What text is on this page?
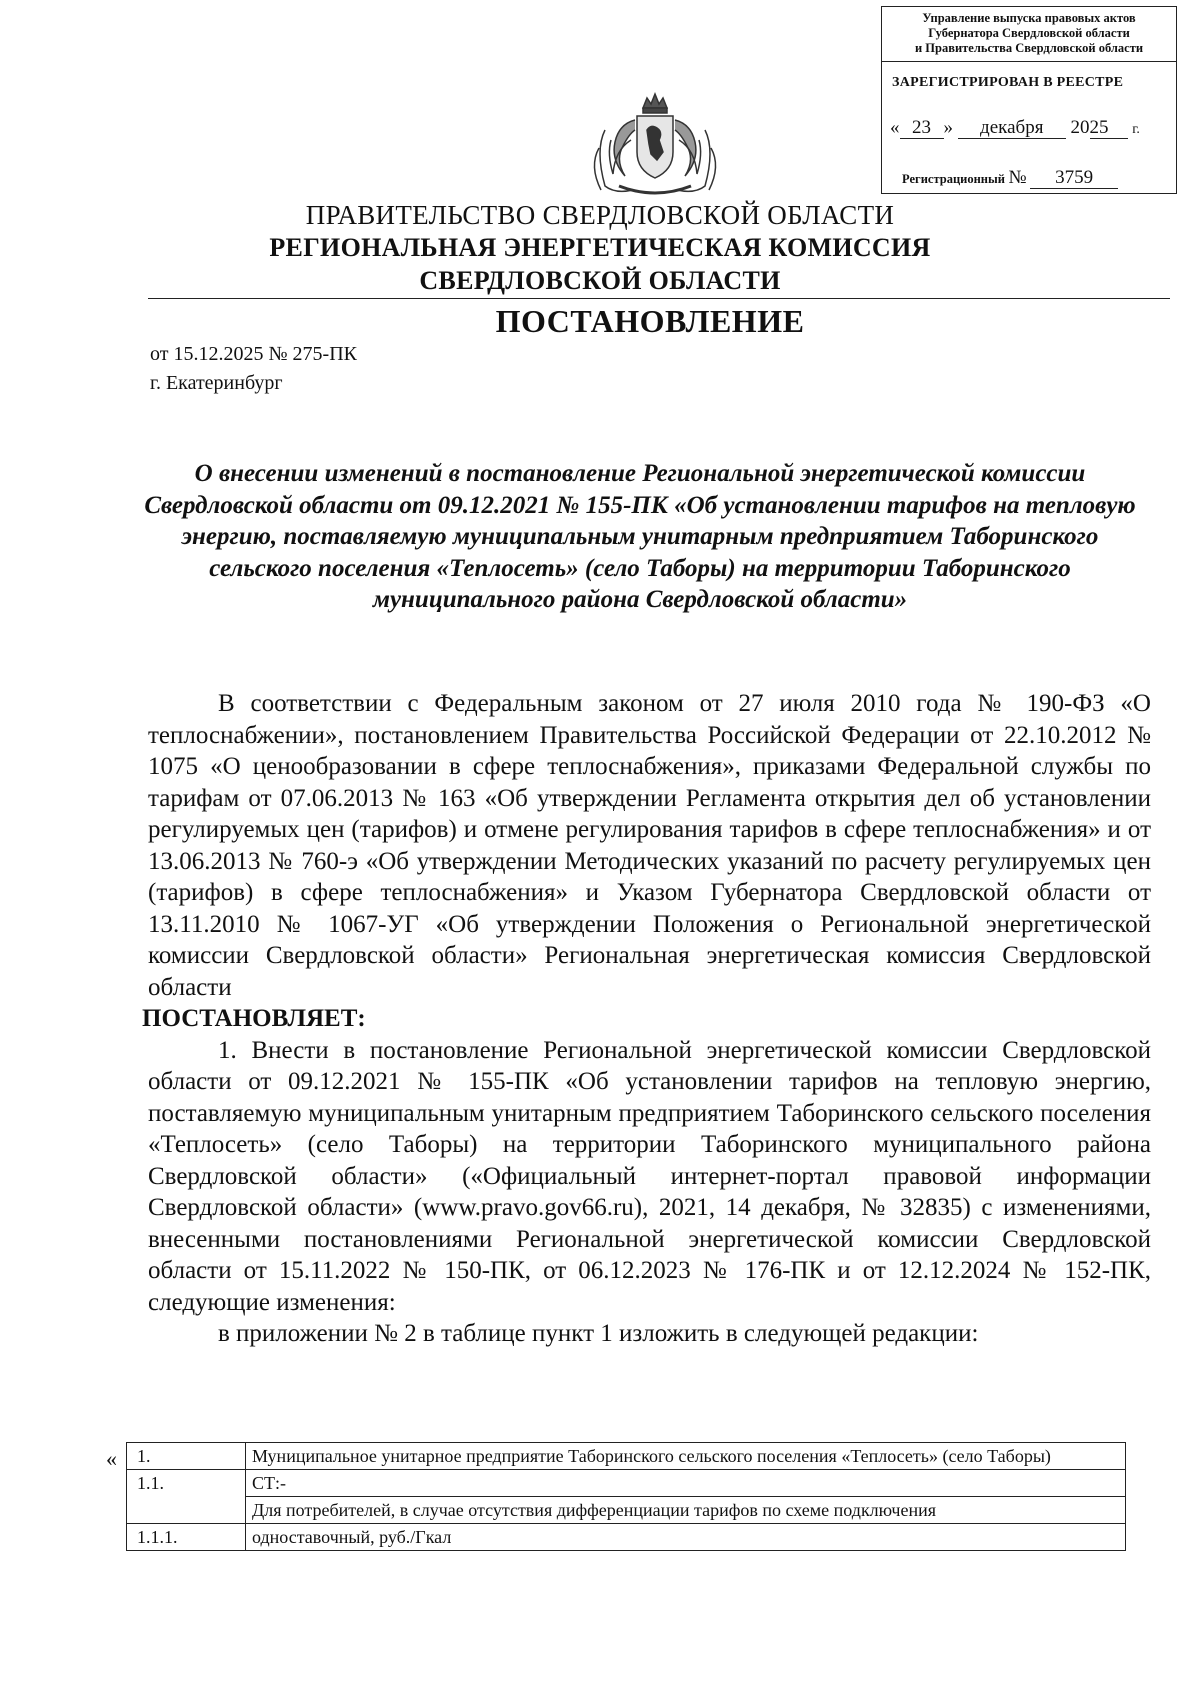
Управление выпуска правовых актов
Губернатора Свердловской области
и Правительства Свердловской области
ЗАРЕГИСТРИРОВАН В РЕЕСТРЕ
« 23 » декабря 2025 г.
Регистрационный № 3759
ПРАВИТЕЛЬСТВО СВЕРДЛОВСКОЙ ОБЛАСТИ
РЕГИОНАЛЬНАЯ ЭНЕРГЕТИЧЕСКАЯ КОМИССИЯ
СВЕРДЛОВСКОЙ ОБЛАСТИ
ПОСТАНОВЛЕНИЕ
от 15.12.2025 № 275-ПК
г. Екатеринбург
О внесении изменений в постановление Региональной энергетической комиссии Свердловской области от 09.12.2021 № 155-ПК «Об установлении тарифов на тепловую энергию, поставляемую муниципальным унитарным предприятием Таборинского сельского поселения «Теплосеть» (село Таборы) на территории Таборинского муниципального района Свердловской области»

В соответствии с Федеральным законом от 27 июля 2010 года № 190-ФЗ «О теплоснабжении», постановлением Правительства Российской Федерации от 22.10.2012 № 1075 «О ценообразовании в сфере теплоснабжения», приказами Федеральной службы по тарифам от 07.06.2013 № 163 «Об утверждении Регламента открытия дел об установлении регулируемых цен (тарифов) и отмене регулирования тарифов в сфере теплоснабжения» и от 13.06.2013 № 760-э «Об утверждении Методических указаний по расчету регулируемых цен (тарифов) в сфере теплоснабжения» и Указом Губернатора Свердловской области от 13.11.2010 № 1067-УГ «Об утверждении Положения о Региональной энергетической комиссии Свердловской области» Региональная энергетическая комиссия Свердловской области

ПОСТАНОВЛЯЕТ:

1. Внести в постановление Региональной энергетической комиссии Свердловской области от 09.12.2021 № 155-ПК «Об установлении тарифов на тепловую энергию, поставляемую муниципальным унитарным предприятием Таборинского сельского поселения «Теплосеть» (село Таборы) на территории Таборинского муниципального района Свердловской области» («Официальный интернет-портал правовой информации Свердловской области» (www.pravo.gov66.ru), 2021, 14 декабря, № 32835) с изменениями, внесенными постановлениями Региональной энергетической комиссии Свердловской области от 15.11.2022 № 150-ПК, от 06.12.2023 № 176-ПК и от 12.12.2024 № 152-ПК, следующие изменения:

в приложении № 2 в таблице пункт 1 изложить в следующей редакции:

« 1.	Муниципальное унитарное предприятие Таборинского сельского поселения «Теплосеть» (село Таборы)
1.1.	СТ:-
	Для потребителей, в случае отсутствия дифференциации тарифов по схеме подключения
1.1.1.	одноставочный, руб./Гкал
